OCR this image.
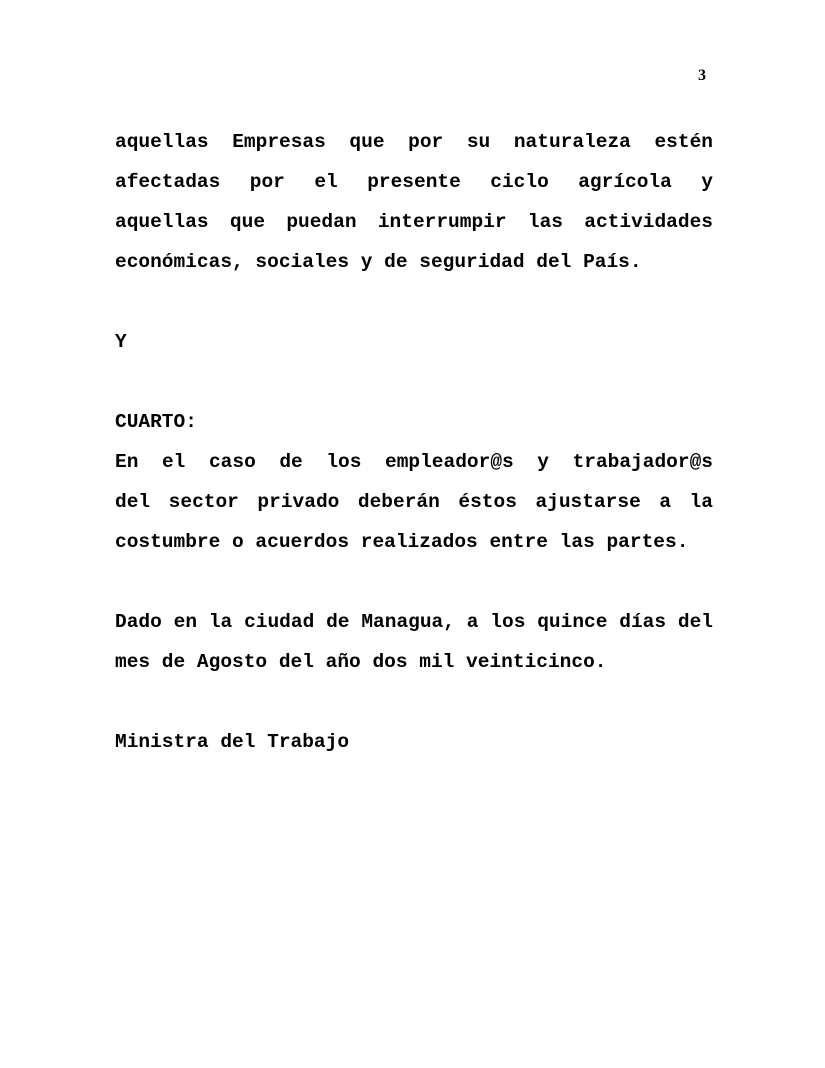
3
aquellas Empresas que por su naturaleza estén
afectadas por el presente ciclo agrícola y
aquellas que puedan interrumpir las actividades
económicas, sociales y de seguridad del País.
Y
CUARTO:
En el caso de los empleador@s y trabajador@s
del sector privado deberán éstos ajustarse a la
costumbre o acuerdos realizados entre las partes.
Dado en la ciudad de Managua, a los quince días del
mes de Agosto del año dos mil veinticinco.
Ministra del Trabajo
